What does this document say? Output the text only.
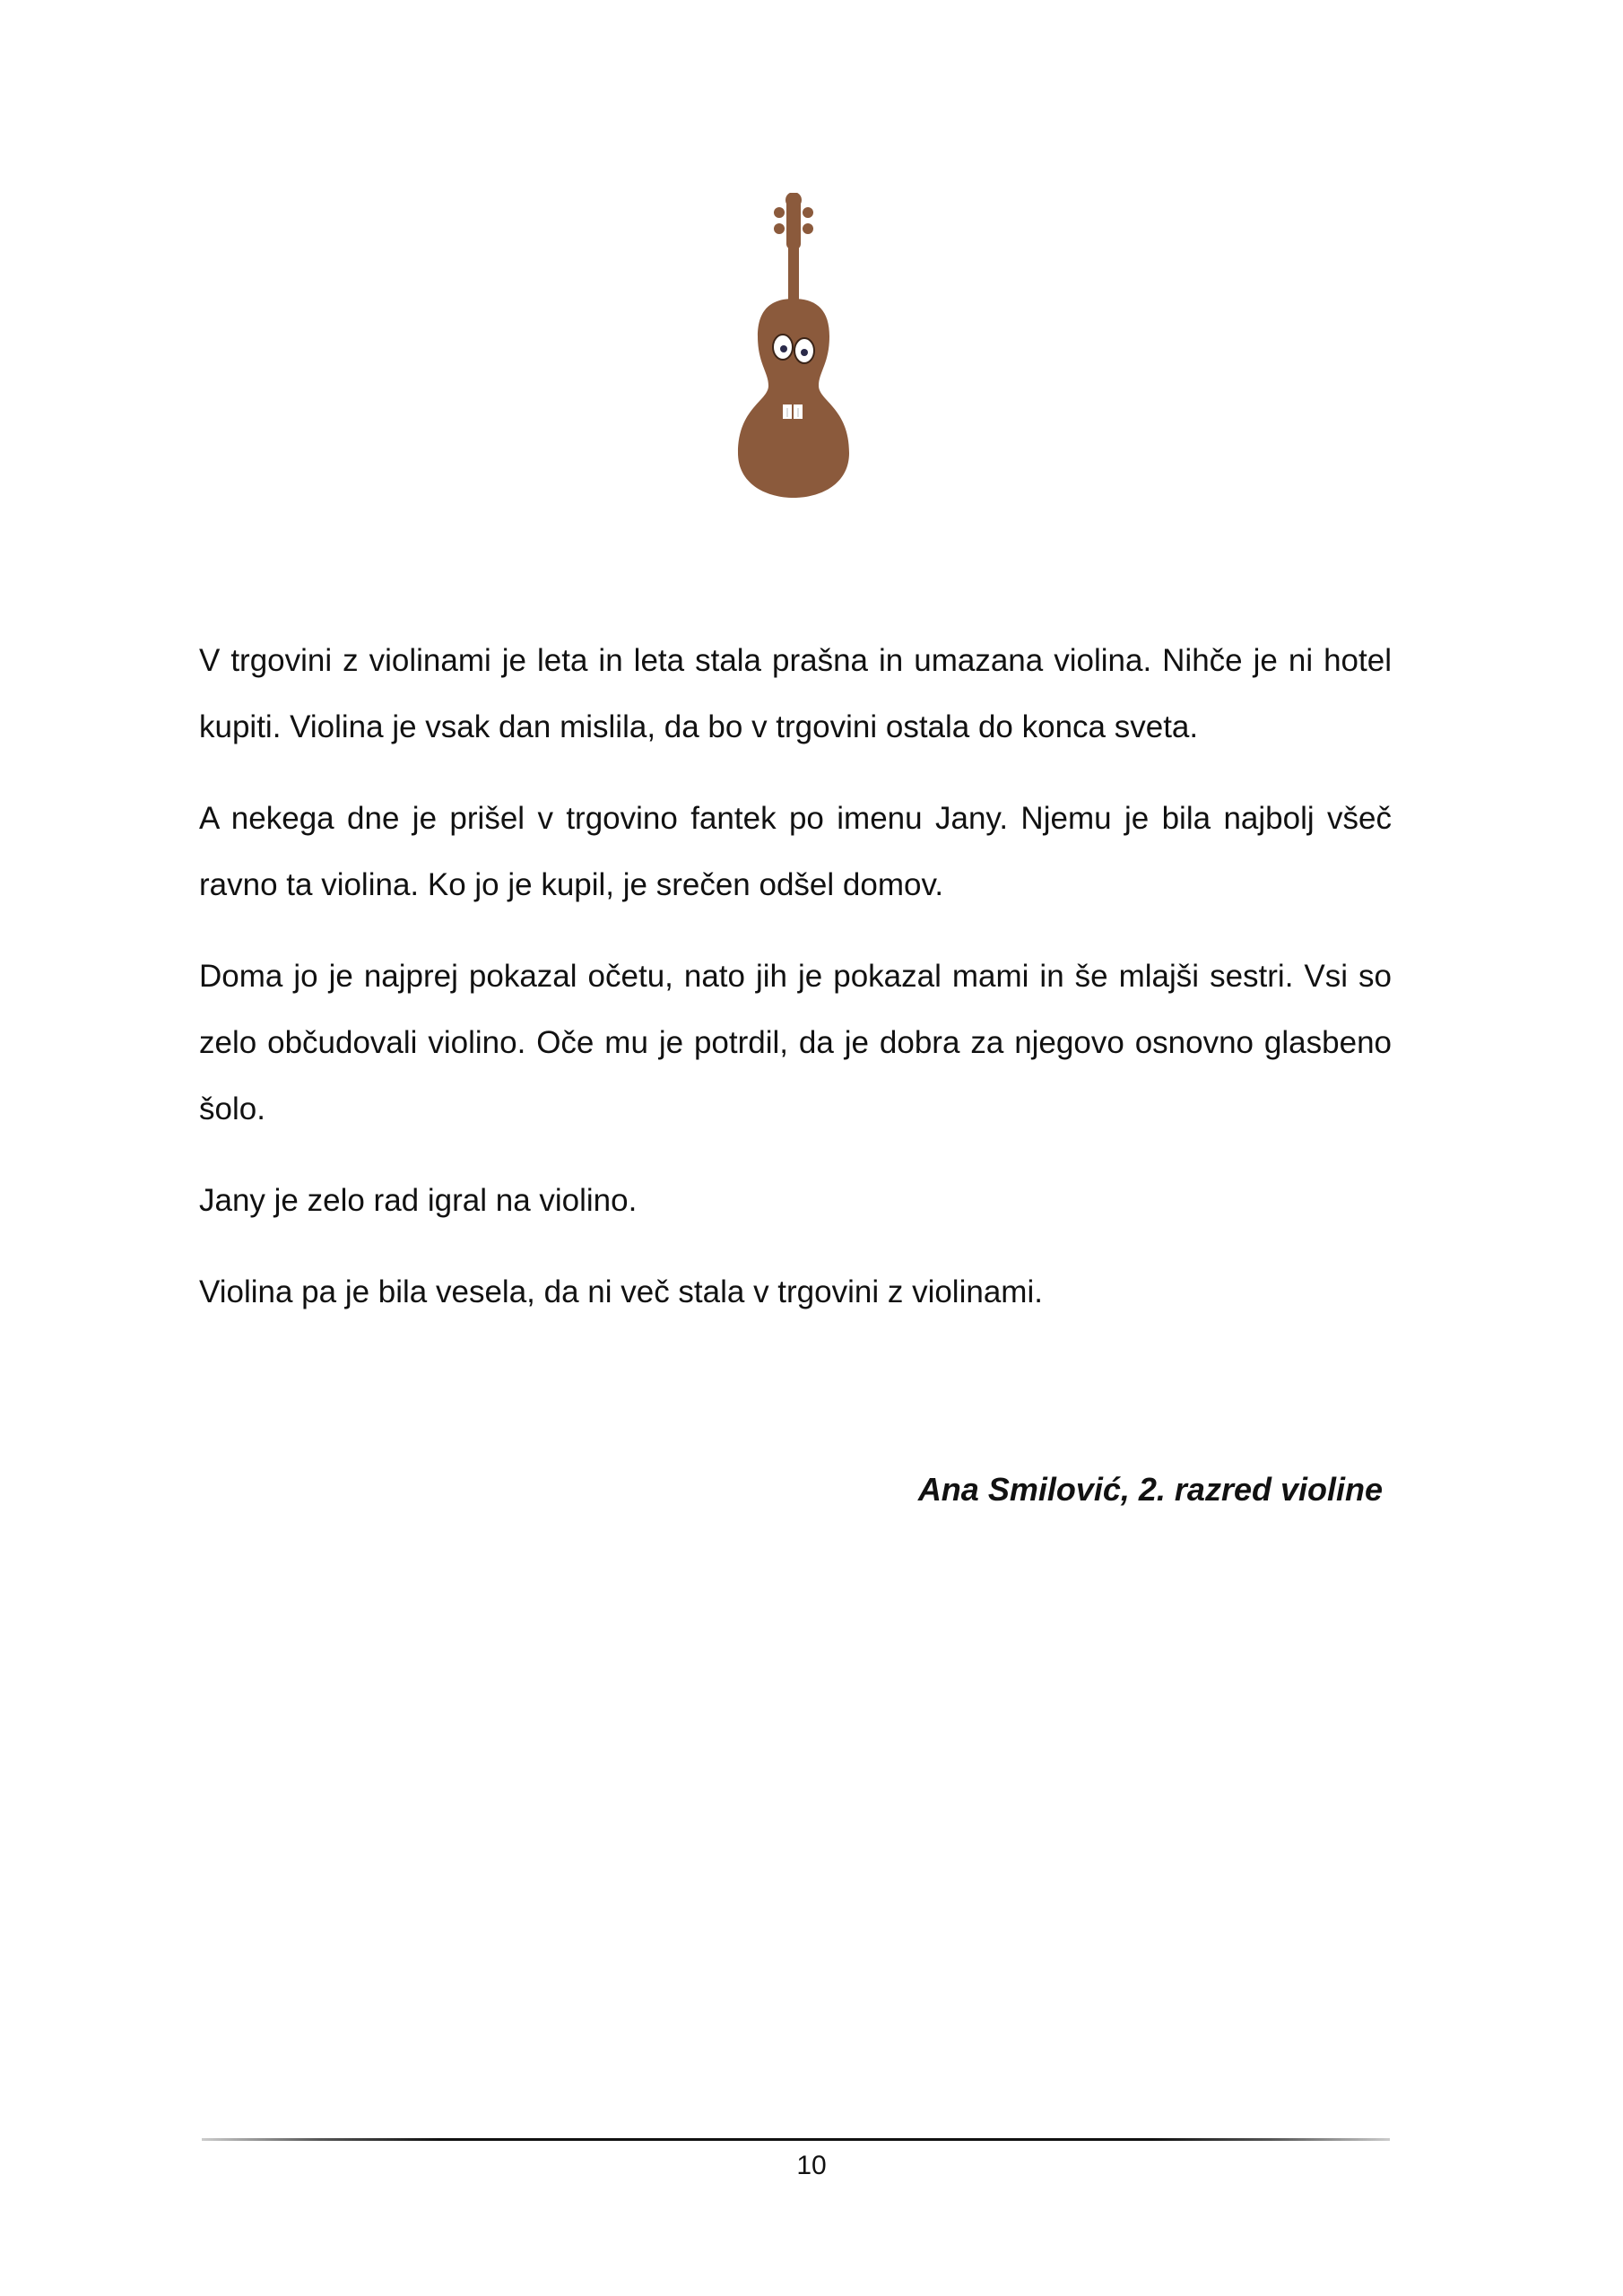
V trgovini z violinami je leta in leta stala prašna in umazana violina. Nihče je ni hotel kupiti. Violina je vsak dan mislila, da bo v trgovini ostala do konca sveta.

A nekega dne je prišel v trgovino fantek po imenu Jany. Njemu je bila najbolj všeč ravno ta violina. Ko jo je kupil, je srečen odšel domov.

Doma jo je najprej pokazal očetu, nato jih je pokazal mami in še mlajši sestri. Vsi so zelo občudovali violino. Oče mu je potrdil, da je dobra za njegovo osnovno glasbeno šolo.

Jany je zelo rad igral na violino.

Violina pa je bila vesela, da ni več stala v trgovini z violinami.

Ana Smilović, 2. razred violine
10
